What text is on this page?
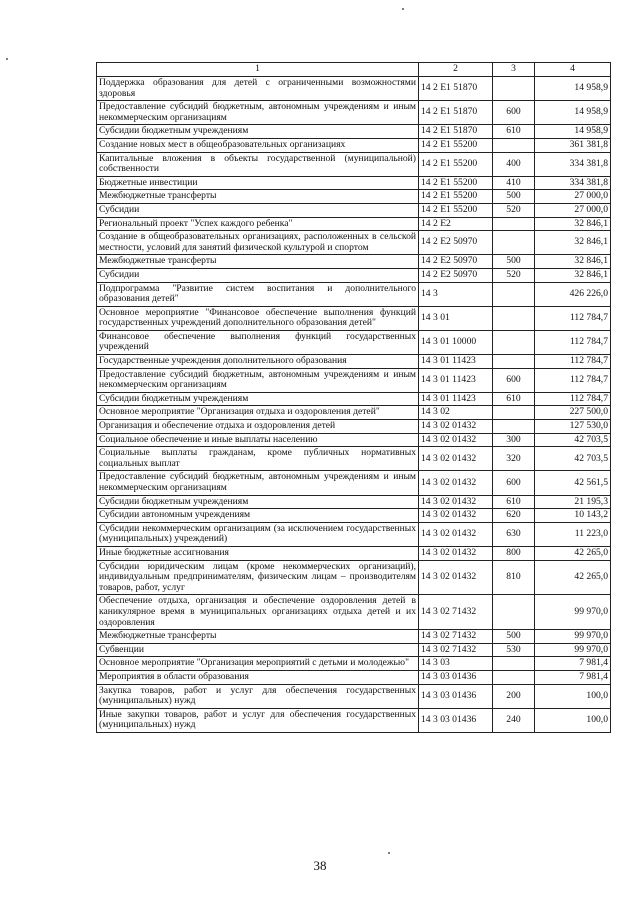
1	2	3	4
Поддержка образования для детей с ограниченными возможностями здоровья	14 2 Е1 51870		14 958,9
Предоставление субсидий бюджетным, автономным учреждениям и иным некоммерческим организациям	14 2 Е1 51870	600	14 958,9
Субсидии бюджетным учреждениям	14 2 Е1 51870	610	14 958,9
Создание новых мест в общеобразовательных организациях	14 2 Е1 55200		361 381,8
Капитальные вложения в объекты государственной (муниципальной) собственности	14 2 Е1 55200	400	334 381,8
Бюджетные инвестиции	14 2 Е1 55200	410	334 381,8
Межбюджетные трансферты	14 2 Е1 55200	500	27 000,0
Субсидии	14 2 Е1 55200	520	27 000,0
Региональный проект "Успех каждого ребенка"	14 2 Е2		32 846,1
Создание в общеобразовательных организациях, расположенных в сельской местности, условий для занятий физической культурой и спортом	14 2 Е2 50970		32 846,1
Межбюджетные трансферты	14 2 Е2 50970	500	32 846,1
Субсидии	14 2 Е2 50970	520	32 846,1
Подпрограмма "Развитие систем воспитания и дополнительного образования детей"	14 3		426 226,0
Основное мероприятие "Финансовое обеспечение выполнения функций государственных учреждений дополнительного образования детей"	14 3 01		112 784,7
Финансовое обеспечение выполнения функций государственных учреждений	14 3 01 10000		112 784,7
Государственные учреждения дополнительного образования	14 3 01 11423		112 784,7
Предоставление субсидий бюджетным, автономным учреждениям и иным некоммерческим организациям	14 3 01 11423	600	112 784,7
Субсидии бюджетным учреждениям	14 3 01 11423	610	112 784,7
Основное мероприятие "Организация отдыха и оздоровления детей"	14 3 02		227 500,0
Организация и обеспечение отдыха и оздоровления детей	14 3 02 01432		127 530,0
Социальное обеспечение и иные выплаты населению	14 3 02 01432	300	42 703,5
Социальные выплаты гражданам, кроме публичных нормативных социальных выплат	14 3 02 01432	320	42 703,5
Предоставление субсидий бюджетным, автономным учреждениям и иным некоммерческим организациям	14 3 02 01432	600	42 561,5
Субсидии бюджетным учреждениям	14 3 02 01432	610	21 195,3
Субсидии автономным учреждениям	14 3 02 01432	620	10 143,2
Субсидии некоммерческим организациям (за исключением государственных (муниципальных) учреждений)	14 3 02 01432	630	11 223,0
Иные бюджетные ассигнования	14 3 02 01432	800	42 265,0
Субсидии юридическим лицам (кроме некоммерческих организаций), индивидуальным предпринимателям, физическим лицам – производителям товаров, работ, услуг	14 3 02 01432	810	42 265,0
Обеспечение отдыха, организация и обеспечение оздоровления детей в каникулярное время в муниципальных организациях отдыха детей и их оздоровления	14 3 02 71432		99 970,0
Межбюджетные трансферты	14 3 02 71432	500	99 970,0
Субвенции	14 3 02 71432	530	99 970,0
Основное мероприятие "Организация мероприятий с детьми и молодежью"	14 3 03		7 981,4
Мероприятия в области образования	14 3 03 01436		7 981,4
Закупка товаров, работ и услуг для обеспечения государственных (муниципальных) нужд	14 3 03 01436	200	100,0
Иные закупки товаров, работ и услуг для обеспечения государственных (муниципальных) нужд	14 3 03 01436	240	100,0
38
